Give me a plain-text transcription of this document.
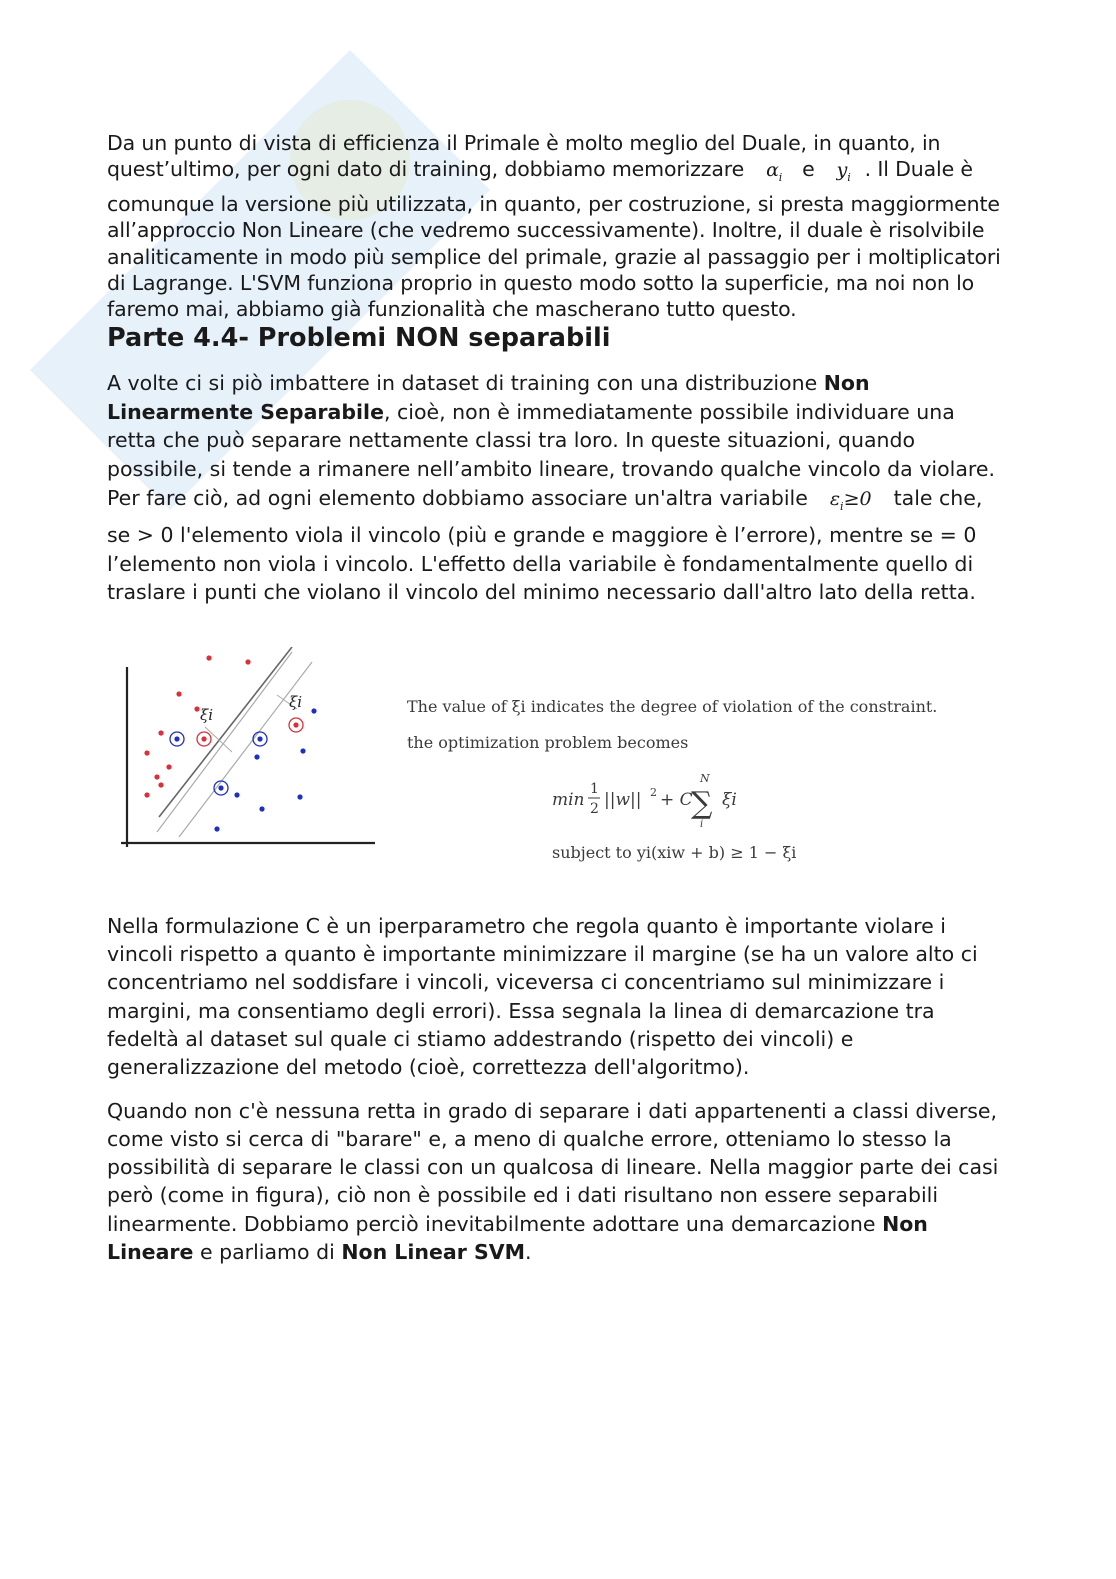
Da un punto di vista di efficienza il Primale è molto meglio del Duale, in quanto, in quest’ultimo, per ogni dato di training, dobbiamo memorizzare $\alpha_i$ e $y_i$ . Il Duale è comunque la versione più utilizzata, in quanto, per costruzione, si presta maggiormente all’approccio Non Lineare (che vedremo successivamente). Inoltre, il duale è risolvibile analiticamente in modo più semplice del primale, grazie al passaggio per i moltiplicatori di Lagrange. L'SVM funziona proprio in questo modo sotto la superficie, ma noi non lo faremo mai, abbiamo già funzionalità che mascherano tutto questo.

Parte 4.4- Problemi NON separabili

A volte ci si piò imbattere in dataset di training con una distribuzione Non Linearmente Separabile, cioè, non è immediatamente possibile individuare una retta che può separare nettamente classi tra loro. In queste situazioni, quando possibile, si tende a rimanere nell’ambito lineare, trovando qualche vincolo da violare. Per fare ciò, ad ogni elemento dobbiamo associare un'altra variabile $\varepsilon_i\ge 0$ tale che, se > 0 l'elemento viola il vincolo (più e grande e maggiore è l’errore), mentre se = 0 l’elemento non viola i vincolo. L'effetto della variabile è fondamentalmente quello di traslare i punti che violano il vincolo del minimo necessario dall'altro lato della retta.

ξi
ξi	The value of ξi indicates the degree of violation of the constraint.
the optimization problem becomes
min
1
2 ||w|| 2 + C
N
∑
i
ξi
subject to yi(xiw + b) ≥ 1 − ξi

Nella formulazione C è un iperparametro che regola quanto è importante violare i vincoli rispetto a quanto è importante minimizzare il margine (se ha un valore alto ci concentriamo nel soddisfare i vincoli, viceversa ci concentriamo sul minimizzare i margini, ma consentiamo degli errori). Essa segnala la linea di demarcazione tra fedeltà al dataset sul quale ci stiamo addestrando (rispetto dei vincoli) e generalizzazione del metodo (cioè, correttezza dell'algoritmo).

Quando non c'è nessuna retta in grado di separare i dati appartenenti a classi diverse, come visto si cerca di "barare" e, a meno di qualche errore, otteniamo lo stesso la possibilità di separare le classi con un qualcosa di lineare. Nella maggior parte dei casi però (come in figura), ciò non è possibile ed i dati risultano non essere separabili linearmente. Dobbiamo perciò inevitabilmente adottare una demarcazione Non Lineare e parliamo di Non Linear SVM.
